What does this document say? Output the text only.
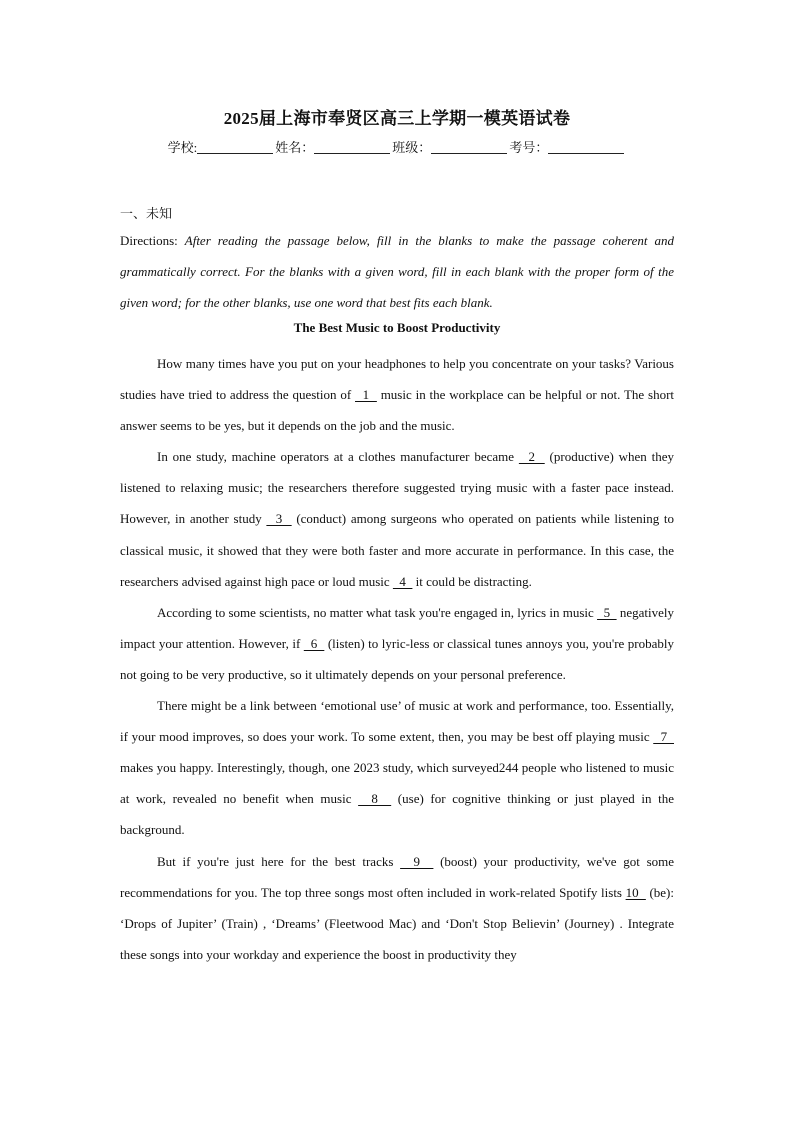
2025届上海市奉贤区高三上学期一模英语试卷
学校:	姓名：	班级：	考号：
一、未知
Directions: After reading the passage below, fill in the blanks to make the passage coherent and grammatically correct. For the blanks with a given word, fill in each blank with the proper form of the given word; for the other blanks, use one word that best fits each blank.
The Best Music to Boost Productivity

How many times have you put on your headphones to help you concentrate on your tasks? Various studies have tried to address the question of   1   music in the workplace can be helpful or not. The short answer seems to be yes, but it depends on the job and the music.

In one study, machine operators at a clothes manufacturer became   2   (productive) when they listened to relaxing music; the researchers therefore suggested trying music with a faster pace instead. However, in another study   3   (conduct) among surgeons who operated on patients while listening to classical music, it showed that they were both faster and more accurate in performance. In this case, the researchers advised against high pace or loud music   4   it could be distracting.

According to some scientists, no matter what task you're engaged in, lyrics in music   5   negatively impact your attention. However, if   6   (listen) to lyric-less or classical tunes annoys you, you're probably not going to be very productive, so it ultimately depends on your personal preference.

There might be a link between ‘emotional use’ of music at work and performance, too. Essentially, if your mood improves, so does your work. To some extent, then, you may be best off playing music   7   makes you happy. Interestingly, though, one 2023 study, which surveyed244 people who listened to music at work, revealed no benefit when music   8   (use) for cognitive thinking or just played in the background.

But if you're just here for the best tracks   9   (boost) your productivity, we've got some recommendations for you. The top three songs most often included in work-related Spotify lists 10   (be): ‘Drops of Jupiter’ (Train) , ‘Dreams’ (Fleetwood Mac) and ‘Don't Stop Believin’ (Journey) . Integrate these songs into your workday and experience the boost in productivity they
